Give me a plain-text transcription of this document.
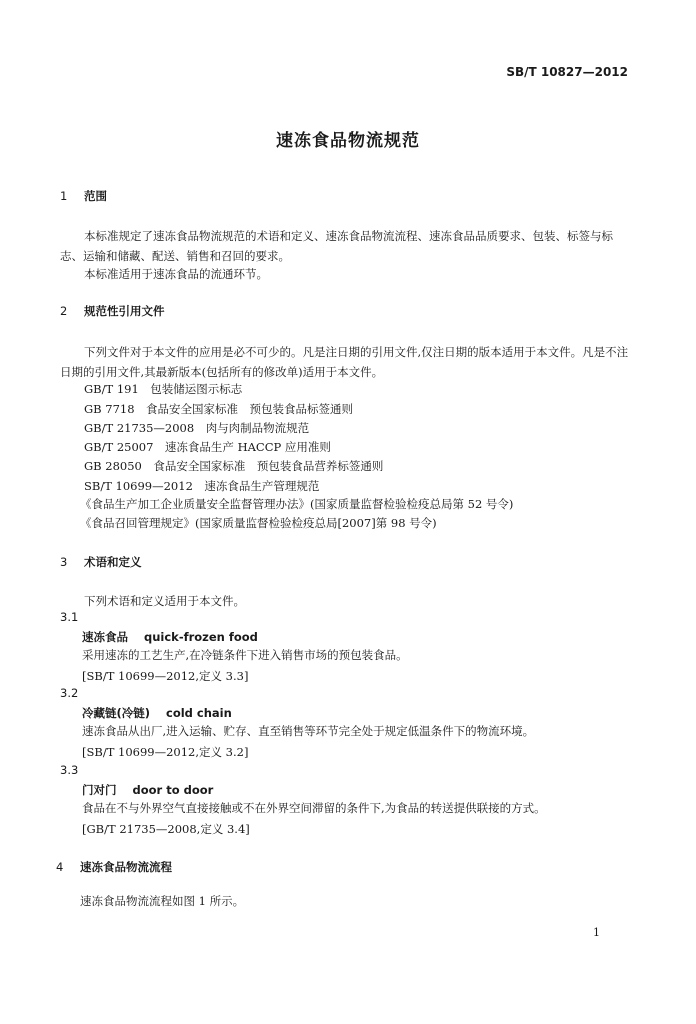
SB/T 10827—2012
速冻食品物流规范
1 范围
本标准规定了速冻食品物流规范的术语和定义、速冻食品物流流程、速冻食品品质要求、包装、标签与标志、运输和储藏、配送、销售和召回的要求。
本标准适用于速冻食品的流通环节。
2 规范性引用文件
下列文件对于本文件的应用是必不可少的。凡是注日期的引用文件,仅注日期的版本适用于本文件。凡是不注日期的引用文件,其最新版本(包括所有的修改单)适用于本文件。
GB/T 191　包装储运图示标志
GB 7718　食品安全国家标准　预包装食品标签通则
GB/T 21735—2008　肉与肉制品物流规范
GB/T 25007　速冻食品生产 HACCP 应用准则
GB 28050　食品安全国家标准　预包装食品营养标签通则
SB/T 10699—2012　速冻食品生产管理规范
《食品生产加工企业质量安全监督管理办法》(国家质量监督检验检疫总局第 52 号令)
《食品召回管理规定》(国家质量监督检验检疫总局[2007]第 98 号令)
3 术语和定义
下列术语和定义适用于本文件。
3.1
速冻食品 quick-frozen food
采用速冻的工艺生产,在冷链条件下进入销售市场的预包装食品。
[SB/T 10699—2012,定义 3.3]
3.2
冷藏链(冷链) cold chain
速冻食品从出厂,进入运输、贮存、直至销售等环节完全处于规定低温条件下的物流环境。
[SB/T 10699—2012,定义 3.2]
3.3
门对门 door to door
食品在不与外界空气直接接触或不在外界空间滞留的条件下,为食品的转送提供联接的方式。
[GB/T 21735—2008,定义 3.4]
4 速冻食品物流流程
速冻食品物流流程如图 1 所示。
1
